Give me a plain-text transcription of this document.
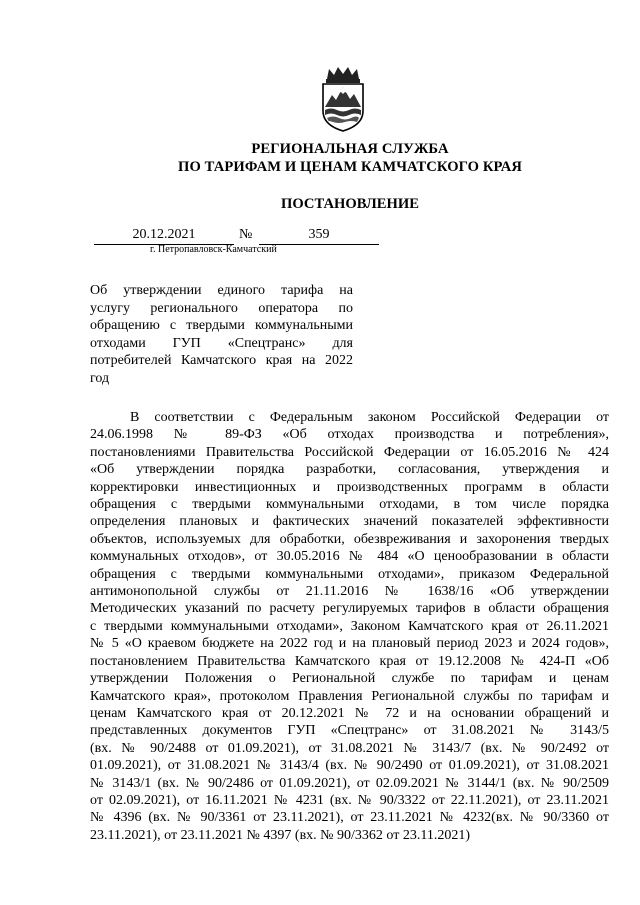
РЕГИОНАЛЬНАЯ СЛУЖБА
ПО ТАРИФАМ И ЦЕНАМ КАМЧАТСКОГО КРАЯ
ПОСТАНОВЛЕНИЕ
20.12.2021	№	359
г. Петропавловск-Камчатский
Об утверждении единого тарифа на
услугу регионального оператора по
обращению с твердыми коммунальными
отходами ГУП «Спецтранс» для
потребителей Камчатского края на 2022
год
В соответствии с Федеральным законом Российской Федерации от
24.06.1998 № 89-ФЗ «Об отходах производства и потребления»,
постановлениями Правительства Российской Федерации от 16.05.2016 № 424
«Об утверждении порядка разработки, согласования, утверждения и
корректировки инвестиционных и производственных программ в области
обращения с твердыми коммунальными отходами, в том числе порядка
определения плановых и фактических значений показателей эффективности
объектов, используемых для обработки, обезвреживания и захоронения твердых
коммунальных отходов», от 30.05.2016 № 484 «О ценообразовании в области
обращения с твердыми коммунальными отходами», приказом Федеральной
антимонопольной службы от 21.11.2016 № 1638/16 «Об утверждении
Методических указаний по расчету регулируемых тарифов в области обращения
с твердыми коммунальными отходами», Законом Камчатского края от 26.11.2021
№ 5 «О краевом бюджете на 2022 год и на плановый период 2023 и 2024 годов»,
постановлением Правительства Камчатского края от 19.12.2008 № 424-П «Об
утверждении Положения о Региональной службе по тарифам и ценам
Камчатского края», протоколом Правления Региональной службы по тарифам и
ценам Камчатского края от 20.12.2021 № 72 и на основании обращений и
представленных документов ГУП «Спецтранс» от 31.08.2021 № 3143/5
(вх. № 90/2488 от 01.09.2021), от 31.08.2021 № 3143/7 (вх. № 90/2492 от
01.09.2021), от 31.08.2021 № 3143/4 (вх. № 90/2490 от 01.09.2021), от 31.08.2021
№ 3143/1 (вх. № 90/2486 от 01.09.2021), от 02.09.2021 № 3144/1 (вх. № 90/2509
от 02.09.2021), от 16.11.2021 № 4231 (вх. № 90/3322 от 22.11.2021), от 23.11.2021
№ 4396 (вх. № 90/3361 от 23.11.2021), от 23.11.2021 № 4232(вх. № 90/3360 от
23.11.2021), от 23.11.2021 № 4397 (вх. № 90/3362 от 23.11.2021)
